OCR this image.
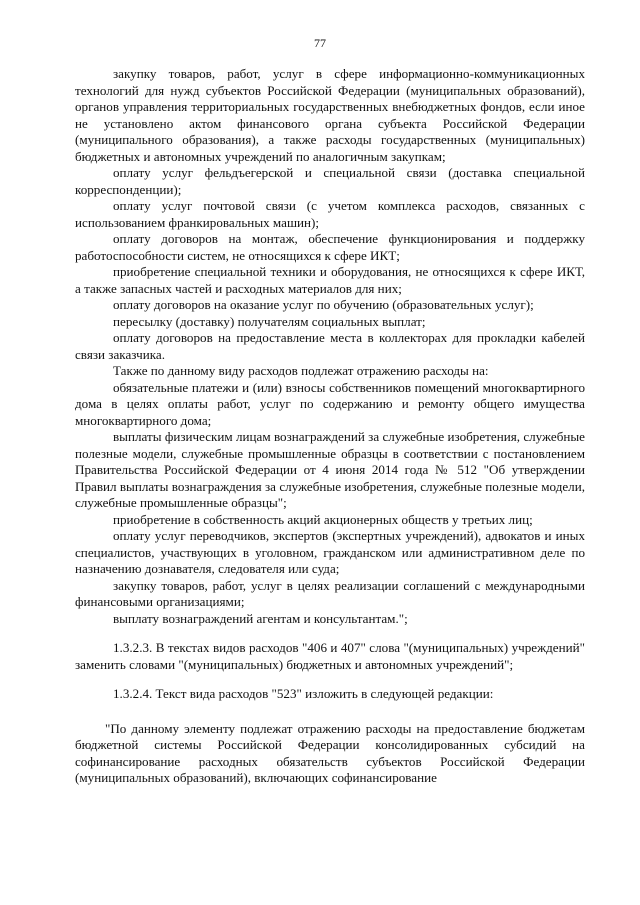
77

закупку товаров, работ, услуг в сфере информационно-коммуникационных технологий для нужд субъектов Российской Федерации (муниципальных образований), органов управления территориальных государственных внебюджетных фондов, если иное не установлено актом финансового органа субъекта Российской Федерации (муниципального образования), а также расходы государственных (муниципальных) бюджетных и автономных учреждений по аналогичным закупкам;

оплату услуг фельдъегерской и специальной связи (доставка специальной корреспонденции);

оплату услуг почтовой связи (с учетом комплекса расходов, связанных с использованием франкировальных машин);

оплату договоров на монтаж, обеспечение функционирования и поддержку работоспособности систем, не относящихся к сфере ИКТ;

приобретение специальной техники и оборудования, не относящихся к сфере ИКТ, а также запасных частей и расходных материалов для них;

оплату договоров на оказание услуг по обучению (образовательных услуг);

пересылку (доставку) получателям социальных выплат;

оплату договоров на предоставление места в коллекторах для прокладки кабелей связи заказчика.

Также по данному виду расходов подлежат отражению расходы на:

обязательные платежи и (или) взносы собственников помещений многоквартирного дома в целях оплаты работ, услуг по содержанию и ремонту общего имущества многоквартирного дома;

выплаты физическим лицам вознаграждений за служебные изобретения, служебные полезные модели, служебные промышленные образцы в соответствии с постановлением Правительства Российской Федерации от 4 июня 2014 года № 512 "Об утверждении Правил выплаты вознаграждения за служебные изобретения, служебные полезные модели, служебные промышленные образцы";

приобретение в собственность акций акционерных обществ у третьих лиц;

оплату услуг переводчиков, экспертов (экспертных учреждений), адвокатов и иных специалистов, участвующих в уголовном, гражданском или административном деле по назначению дознавателя, следователя или суда;

закупку товаров, работ, услуг в целях реализации соглашений с международными финансовыми организациями;

выплату вознаграждений агентам и консультантам.";

1.3.2.3. В текстах видов расходов "406 и 407" слова "(муниципальных) учреждений" заменить словами "(муниципальных) бюджетных и автономных учреждений";

1.3.2.4. Текст вида расходов "523" изложить в следующей редакции:

"По данному элементу подлежат отражению расходы на предоставление бюджетам бюджетной системы Российской Федерации консолидированных субсидий на софинансирование расходных обязательств субъектов Российской Федерации (муниципальных образований), включающих софинансирование
